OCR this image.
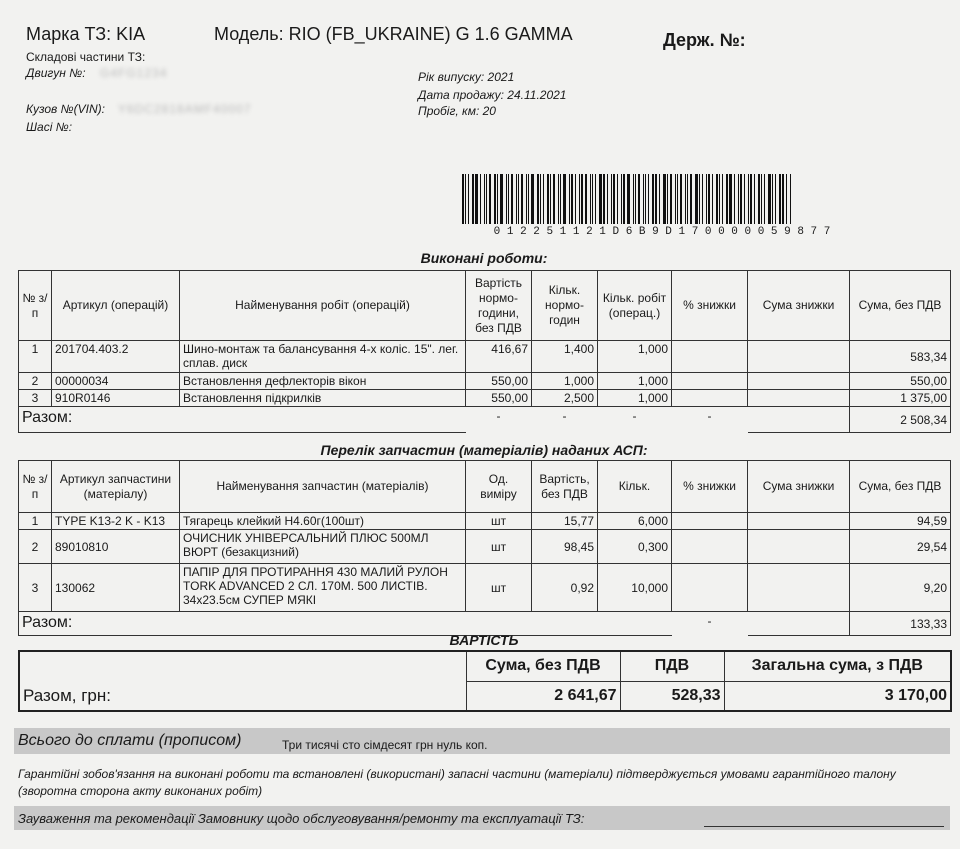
Марка ТЗ: KIA	Модель: RIO (FB_UKRAINE) G 1.6 GAMMA	Держ. №:
Складові частини ТЗ:
Двигун №: G4FG1234
Кузов №(VIN): Y6DC2818AMF40007
Шасі №:
Рік випуску: 2021
Дата продажу: 24.11.2021
Пробіг, км: 20
0 1 2 2 5 1 1 2 1 D 6 B 9 D 1 7 0 0 0 0 0 5 9 8 7 7
Виконані роботи:
№ з/п	Артикул (операцій)	Найменування робіт (операцій)	Вартість нормо-години, без ПДВ	Кільк. нормо-годин	Кільк. робіт (операц.)	% знижки	Сума знижки	Сума, без ПДВ
1	201704.403.2	Шино-монтаж та балансування 4-х коліс. 15". лег. сплав. диск	416,67	1,400	1,000			583,34
2	00000034	Встановлення дефлекторів вікон	550,00	1,000	1,000			550,00
3	910R0146	Встановлення підкрилків	550,00	2,500	1,000			1 375,00
Разом:			-	-	-	-		2 508,34
Перелік запчастин (матеріалів) наданих АСП:
№ з/п	Артикул запчастини (матеріалу)	Найменування запчастин (матеріалів)	Од. виміру	Вартість, без ПДВ	Кільк.	% знижки	Сума знижки	Сума, без ПДВ
1	TYPE K13-2 K - K13	Тягарець клейкий H4.60г(100шт)	шт	15,77	6,000			94,59
2	89010810	ОЧИСНИК УНІВЕРСАЛЬНИЙ ПЛЮС 500МЛ ВЮРТ (безакцизний)	шт	98,45	0,300			29,54
3	130062	ПАПІР ДЛЯ ПРОТИРАННЯ 430 МАЛИЙ РУЛОН TORK ADVANCED 2 СЛ. 170М. 500 ЛИСТІВ. 34x23.5см СУПЕР МЯКІ	шт	0,92	10,000			9,20
Разом:						-		133,33
ВАРТІСТЬ
	Сума, без ПДВ	ПДВ	Загальна сума, з ПДВ
Разом, грн:	2 641,67	528,33	3 170,00
Всього до сплати (прописом)	Три тисячі сто сімдесят грн нуль коп.
Гарантійні зобов'язання на виконані роботи та встановлені (використані) запасні частини (матеріали) підтверджується умовами гарантійного талону (зворотна сторона акту виконаних робіт)
Зауваження та рекомендації Замовнику щодо обслуговування/ремонту та експлуатації ТЗ:
